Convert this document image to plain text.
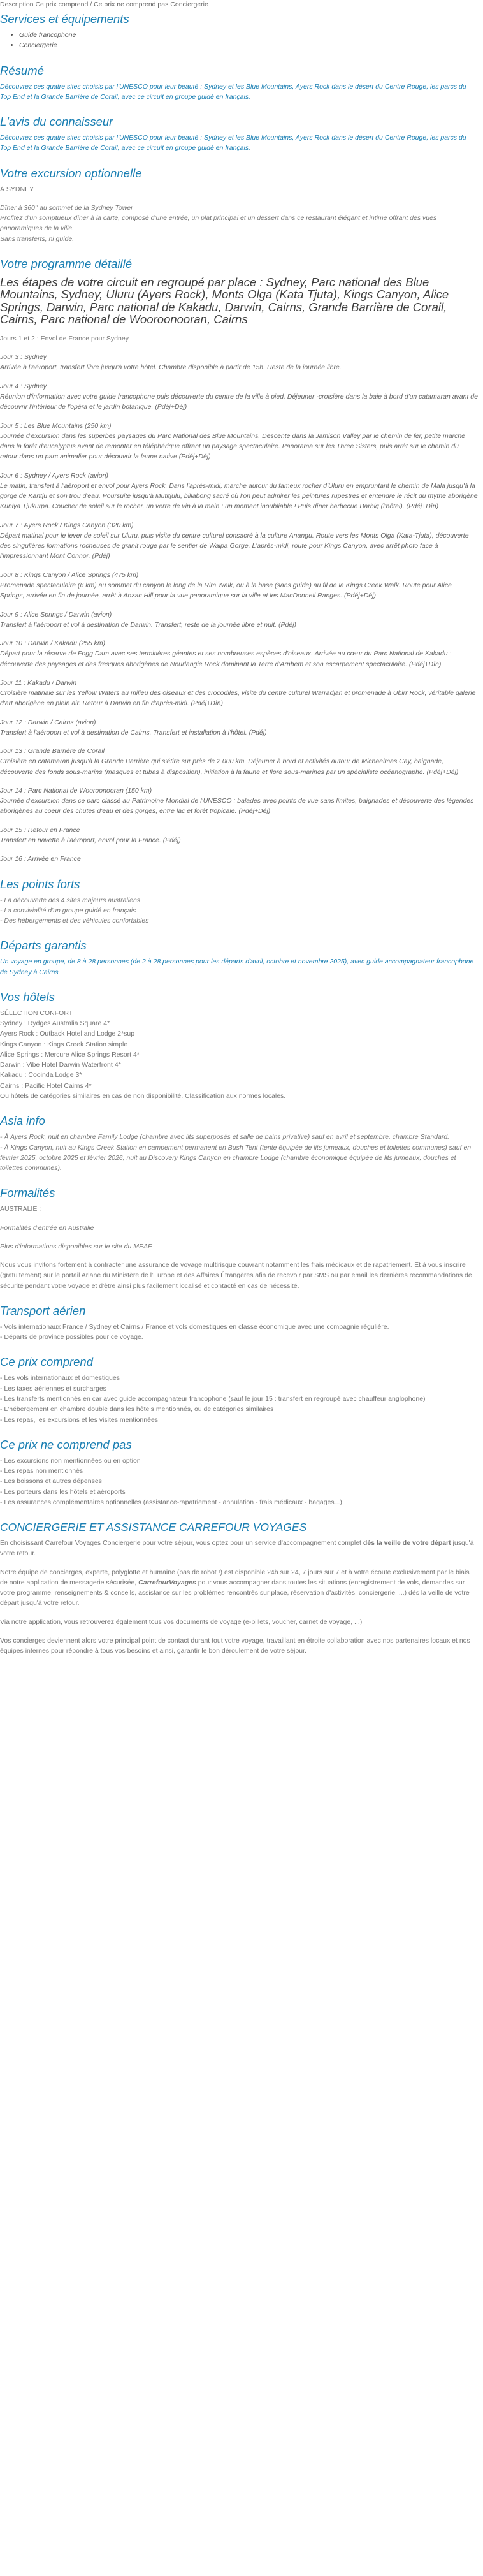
Description Ce prix comprend / Ce prix ne comprend pas Conciergerie
Services et équipements
• Guide francophone
• Conciergerie
Résumé

Découvrez ces quatre sites choisis par l'UNESCO pour leur beauté : Sydney et les Blue Mountains, Ayers Rock dans le désert du Centre Rouge, les parcs du Top End et la Grande Barrière de Corail, avec ce circuit en groupe guidé en français.

L'avis du connaisseur

Découvrez ces quatre sites choisis par l'UNESCO pour leur beauté : Sydney et les Blue Mountains, Ayers Rock dans le désert du Centre Rouge, les parcs du Top End et la Grande Barrière de Corail, avec ce circuit en groupe guidé en français.

Votre excursion optionnelle

À SYDNEY

Dîner à 360° au sommet de la Sydney Tower
Profitez d'un somptueux dîner à la carte, composé d'une entrée, un plat principal et un dessert dans ce restaurant élégant et intime offrant des vues panoramiques de la ville.
Sans transferts, ni guide.
Votre programme détaillé
Les étapes de votre circuit en regroupé par place : Sydney, Parc national des Blue Mountains, Sydney, Uluru (Ayers Rock), Monts Olga (Kata Tjuta), Kings Canyon, Alice Springs, Darwin, Parc national de Kakadu, Darwin, Cairns, Grande Barrière de Corail, Cairns, Parc national de Wooroonooran, Cairns

Jours 1 et 2 : Envol de France pour Sydney

Jour 3 : Sydney
Arrivée à l'aéroport, transfert libre jusqu'à votre hôtel. Chambre disponible à partir de 15h. Reste de la journée libre.
Jour 4 : Sydney
Réunion d'information avec votre guide francophone puis découverte du centre de la ville à pied. Déjeuner -croisière dans la baie à bord d'un catamaran avant de découvrir l'intérieur de l'opéra et le jardin botanique. (Pdéj+Déj)
Jour 5 : Les Blue Mountains (250 km)
Journée d'excursion dans les superbes paysages du Parc National des Blue Mountains. Descente dans la Jamison Valley par le chemin de fer, petite marche dans la forêt d'eucalyptus avant de remonter en téléphérique offrant un paysage spectaculaire. Panorama sur les Three Sisters, puis arrêt sur le chemin du retour dans un parc animalier pour découvrir la faune native (Pdéj+Déj)
Jour 6 : Sydney / Ayers Rock (avion)
Le matin, transfert à l'aéroport et envol pour Ayers Rock. Dans l'après-midi, marche autour du fameux rocher d'Uluru en empruntant le chemin de Mala jusqu'à la gorge de Kantju et son trou d'eau. Poursuite jusqu'à Mutitjulu, billabong sacré où l'on peut admirer les peintures rupestres et entendre le récit du mythe aborigène Kuniya Tjukurpa. Coucher de soleil sur le rocher, un verre de vin à la main : un moment inoubliable ! Puis dîner barbecue Barbiq (l'hôtel). (Pdéj+Dîn)
Jour 7 : Ayers Rock / Kings Canyon (320 km)
Départ matinal pour le lever de soleil sur Uluru, puis visite du centre culturel consacré à la culture Anangu. Route vers les Monts Olga (Kata-Tjuta), découverte des singulières formations rocheuses de granit rouge par le sentier de Walpa Gorge. L'après-midi, route pour Kings Canyon, avec arrêt photo face à l'impressionnant Mont Connor. (Pdéj)
Jour 8 : Kings Canyon / Alice Springs (475 km)
Promenade spectaculaire (6 km) au sommet du canyon le long de la Rim Walk, ou à la base (sans guide) au fil de la Kings Creek Walk. Route pour Alice Springs, arrivée en fin de journée, arrêt à Anzac Hill pour la vue panoramique sur la ville et les MacDonnell Ranges. (Pdéj+Déj)
Jour 9 : Alice Springs / Darwin (avion)
Transfert à l'aéroport et vol à destination de Darwin. Transfert, reste de la journée libre et nuit. (Pdéj)
Jour 10 : Darwin / Kakadu (255 km)
Départ pour la réserve de Fogg Dam avec ses termitières géantes et ses nombreuses espèces d'oiseaux. Arrivée au cœur du Parc National de Kakadu : découverte des paysages et des fresques aborigènes de Nourlangie Rock dominant la Terre d'Arnhem et son escarpement spectaculaire. (Pdéj+Dîn)
Jour 11 : Kakadu / Darwin
Croisière matinale sur les Yellow Waters au milieu des oiseaux et des crocodiles, visite du centre culturel Warradjan et promenade à Ubirr Rock, véritable galerie d'art aborigène en plein air. Retour à Darwin en fin d'après-midi. (Pdéj+Dîn)
Jour 12 : Darwin / Cairns (avion)
Transfert à l'aéroport et vol à destination de Cairns. Transfert et installation à l'hôtel. (Pdéj)
Jour 13 : Grande Barrière de Corail
Croisière en catamaran jusqu'à la Grande Barrière qui s'étire sur près de 2 000 km. Déjeuner à bord et activités autour de Michaelmas Cay, baignade, découverte des fonds sous-marins (masques et tubas à disposition), initiation à la faune et flore sous-marines par un spécialiste océanographe. (Pdéj+Déj)
Jour 14 : Parc National de Wooroonooran (150 km)
Journée d'excursion dans ce parc classé au Patrimoine Mondial de l'UNESCO : balades avec points de vue sans limites, baignades et découverte des légendes aborigènes au coeur des chutes d'eau et des gorges, entre lac et forêt tropicale. (Pdéj+Déj)
Jour 15 : Retour en France
Transfert en navette à l'aéroport, envol pour la France. (Pdéj)
Jour 16 : Arrivée en France
Les points forts
- La découverte des 4 sites majeurs australiens
- La convivialité d'un groupe guidé en français
- Des hébergements et des véhicules confortables
Départs garantis

Un voyage en groupe, de 8 à 28 personnes (de 2 à 28 personnes pour les départs d'avril, octobre et novembre 2025), avec guide accompagnateur francophone de Sydney à Cairns

Vos hôtels
SÉLECTION CONFORT
Sydney : Rydges Australia Square 4*
Ayers Rock : Outback Hotel and Lodge 2*sup
Kings Canyon : Kings Creek Station simple
Alice Springs : Mercure Alice Springs Resort 4*
Darwin : Vibe Hotel Darwin Waterfront 4*
Kakadu : Cooinda Lodge 3*
Cairns : Pacific Hotel Cairns 4*
Ou hôtels de catégories similaires en cas de non disponibilité. Classification aux normes locales.
Asia info
- À Ayers Rock, nuit en chambre Family Lodge (chambre avec lits superposés et salle de bains privative) sauf en avril et septembre, chambre Standard.
- À Kings Canyon, nuit au Kings Creek Station en campement permanent en Bush Tent (tente équipée de lits jumeaux, douches et toilettes communes) sauf en février 2025, octobre 2025 et février 2026, nuit au Discovery Kings Canyon en chambre Lodge (chambre économique équipée de lits jumeaux, douches et toilettes communes).
Formalités

AUSTRALIE :

Formalités d'entrée en Australie

Plus d'informations disponibles sur le site du MEAE

Nous vous invitons fortement à contracter une assurance de voyage multirisque couvrant notamment les frais médicaux et de rapatriement. Et à vous inscrire (gratuitement) sur le portail Ariane du Ministère de l'Europe et des Affaires Étrangères afin de recevoir par SMS ou par email les dernières recommandations de sécurité pendant votre voyage et d'être ainsi plus facilement localisé et contacté en cas de nécessité.

Transport aérien
- Vols internationaux France / Sydney et Cairns / France et vols domestiques en classe économique avec une compagnie régulière.
- Départs de province possibles pour ce voyage.
Ce prix comprend
- Les vols internationaux et domestiques
- Les taxes aériennes et surcharges
- Les transferts mentionnés en car avec guide accompagnateur francophone (sauf le jour 15 : transfert en regroupé avec chauffeur anglophone)
- L'hébergement en chambre double dans les hôtels mentionnés, ou de catégories similaires
- Les repas, les excursions et les visites mentionnées
Ce prix ne comprend pas
- Les excursions non mentionnées ou en option
- Les repas non mentionnés
- Les boissons et autres dépenses
- Les porteurs dans les hôtels et aéroports
- Les assurances complémentaires optionnelles (assistance-rapatriement - annulation - frais médicaux - bagages...)
CONCIERGERIE ET ASSISTANCE CARREFOUR VOYAGES

En choisissant Carrefour Voyages Conciergerie pour votre séjour, vous optez pour un service d'accompagnement complet dès la veille de votre départ jusqu'à votre retour.

Notre équipe de concierges, experte, polyglotte et humaine (pas de robot !) est disponible 24h sur 24, 7 jours sur 7 et à votre écoute exclusivement par le biais de notre application de messagerie sécurisée, CarrefourVoyages pour vous accompagner dans toutes les situations (enregistrement de vols, demandes sur votre programme, renseignements & conseils, assistance sur les problèmes rencontrés sur place, réservation d'activités, conciergerie, ...) dès la veille de votre départ jusqu'à votre retour.

Via notre application, vous retrouverez également tous vos documents de voyage (e-billets, voucher, carnet de voyage, ...)

Vos concierges deviennent alors votre principal point de contact durant tout votre voyage, travaillant en étroite collaboration avec nos partenaires locaux et nos équipes internes pour répondre à tous vos besoins et ainsi, garantir le bon déroulement de votre séjour.
